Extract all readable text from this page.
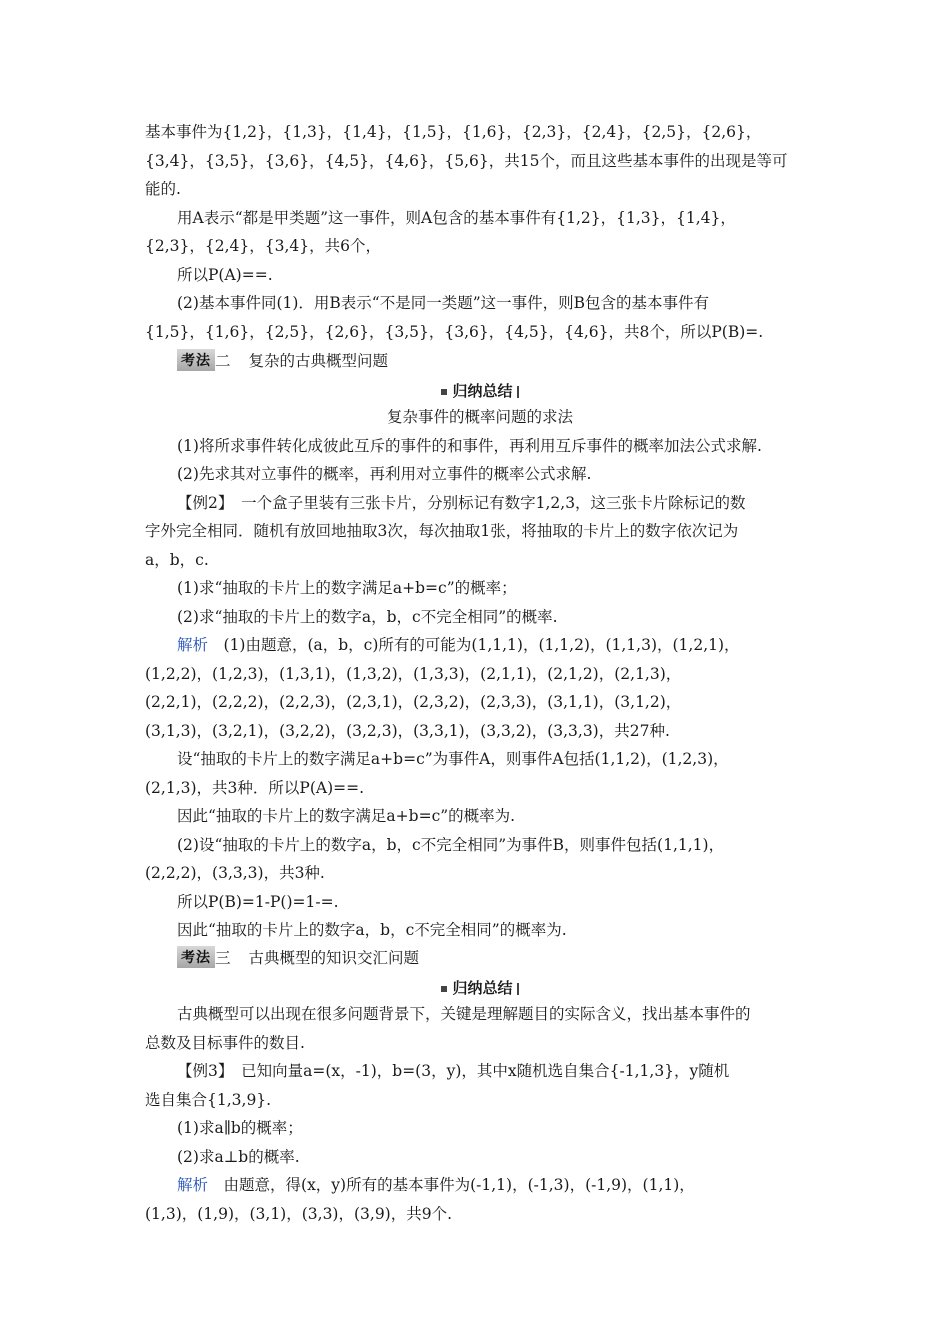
基本事件为{1,2}，{1,3}，{1,4}，{1,5}，{1,6}，{2,3}，{2,4}，{2,5}，{2,6}，
{3,4}，{3,5}，{3,6}，{4,5}，{4,6}，{5,6}，共15个，而且这些基本事件的出现是等可
能的.
用A表示“都是甲类题”这一事件，则A包含的基本事件有{1,2}，{1,3}，{1,4}，
{2,3}，{2,4}，{3,4}，共6个，
所以P(A)==.
(2)基本事件同(1)．用B表示“不是同一类题”这一事件，则B包含的基本事件有
{1,5}，{1,6}，{2,5}，{2,6}，{3,5}，{3,6}，{4,5}，{4,6}，共8个，所以P(B)=.
考法 二 复杂的古典概型问题
归纳总结
复杂事件的概率问题的求法
(1)将所求事件转化成彼此互斥的事件的和事件，再利用互斥事件的概率加法公式求解.
(2)先求其对立事件的概率，再利用对立事件的概率公式求解.
【例2】　一个盒子里装有三张卡片，分别标记有数字1,2,3，这三张卡片除标记的数
字外完全相同．随机有放回地抽取3次，每次抽取1张，将抽取的卡片上的数字依次记为
a，b，c.
(1)求“抽取的卡片上的数字满足a+b=c”的概率；
(2)求“抽取的卡片上的数字a，b，c不完全相同”的概率.
解析　(1)由题意，(a，b，c)所有的可能为(1,1,1)，(1,1,2)，(1,1,3)，(1,2,1)，
(1,2,2)，(1,2,3)，(1,3,1)，(1,3,2)，(1,3,3)，(2,1,1)，(2,1,2)，(2,1,3)，
(2,2,1)，(2,2,2)，(2,2,3)，(2,3,1)，(2,3,2)，(2,3,3)，(3,1,1)，(3,1,2)，
(3,1,3)，(3,2,1)，(3,2,2)，(3,2,3)，(3,3,1)，(3,3,2)，(3,3,3)，共27种.
设“抽取的卡片上的数字满足a+b=c”为事件A，则事件A包括(1,1,2)，(1,2,3)，
(2,1,3)，共3种．所以P(A)==.
因此“抽取的卡片上的数字满足a+b=c”的概率为.
(2)设“抽取的卡片上的数字a，b，c不完全相同”为事件B，则事件包括(1,1,1)，
(2,2,2)，(3,3,3)，共3种.
所以P(B)=1-P()=1-=.
因此“抽取的卡片上的数字a，b，c不完全相同”的概率为.
考法 三 古典概型的知识交汇问题
归纳总结
古典概型可以出现在很多问题背景下，关键是理解题目的实际含义，找出基本事件的
总数及目标事件的数目.
【例3】　已知向量a=(x，-1)，b=(3，y)，其中x随机选自集合{-1,1,3}，y随机
选自集合{1,3,9}.
(1)求a∥b的概率；
(2)求a⊥b的概率.
解析　由题意，得(x，y)所有的基本事件为(-1,1)，(-1,3)，(-1,9)，(1,1)，
(1,3)，(1,9)，(3,1)，(3,3)，(3,9)，共9个.
